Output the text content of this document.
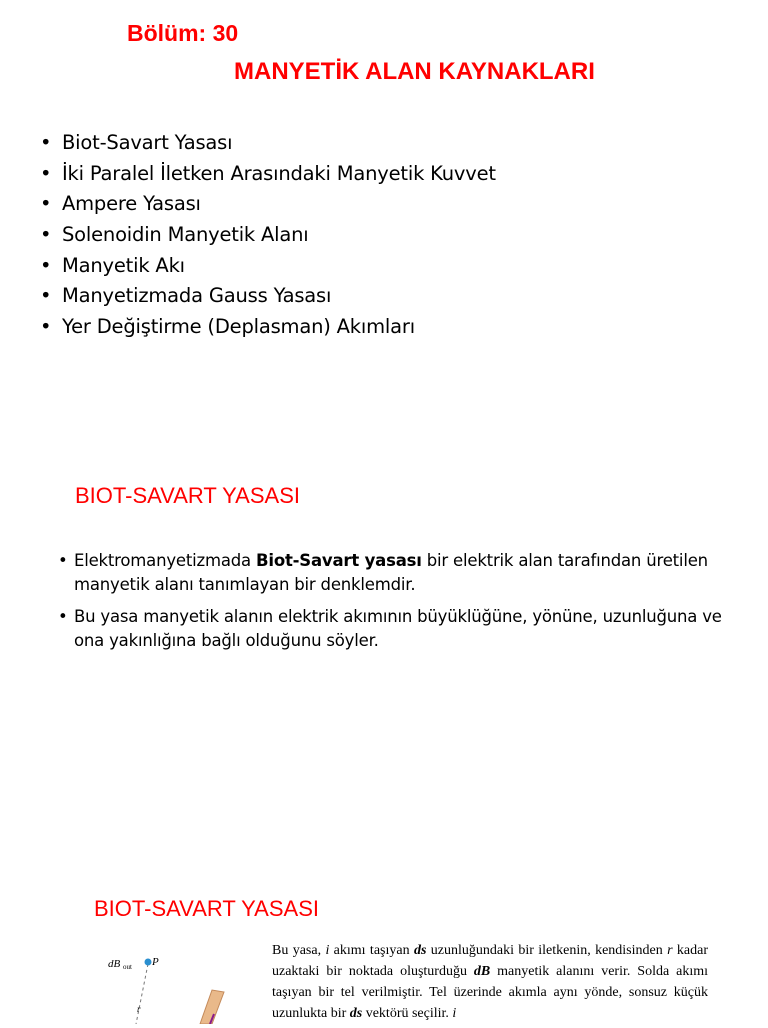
Bölüm: 30
MANYETİK ALAN KAYNAKLARI
• Biot-Savart Yasası
• İki Paralel İletken Arasındaki Manyetik Kuvvet
• Ampere Yasası
• Solenoidin Manyetik Alanı
• Manyetik Akı
• Manyetizmada Gauss Yasası
• Yer Değiştirme (Deplasman) Akımları
BIOT-SAVART YASASI
• Elektromanyetizmada Biot-Savart yasası bir elektrik alan tarafından üretilen manyetik alanı tanımlayan bir denklemdir.
• Bu yasa manyetik alanın elektrik akımının büyüklüğüne, yönüne, uzunluğuna ve ona yakınlığına bağlı olduğunu söyler.
BIOT-SAVART YASASI
dB out P
r
Bu yasa, i akımı taşıyan ds uzunluğundaki bir iletkenin, kendisinden r kadar uzaktaki bir noktada oluşturduğu dB manyetik alanını verir. Solda akımı taşıyan bir tel verilmiştir. Tel üzerinde akımla aynı yönde, sonsuz küçük uzunlukta bir ds vektörü seçilir. i
